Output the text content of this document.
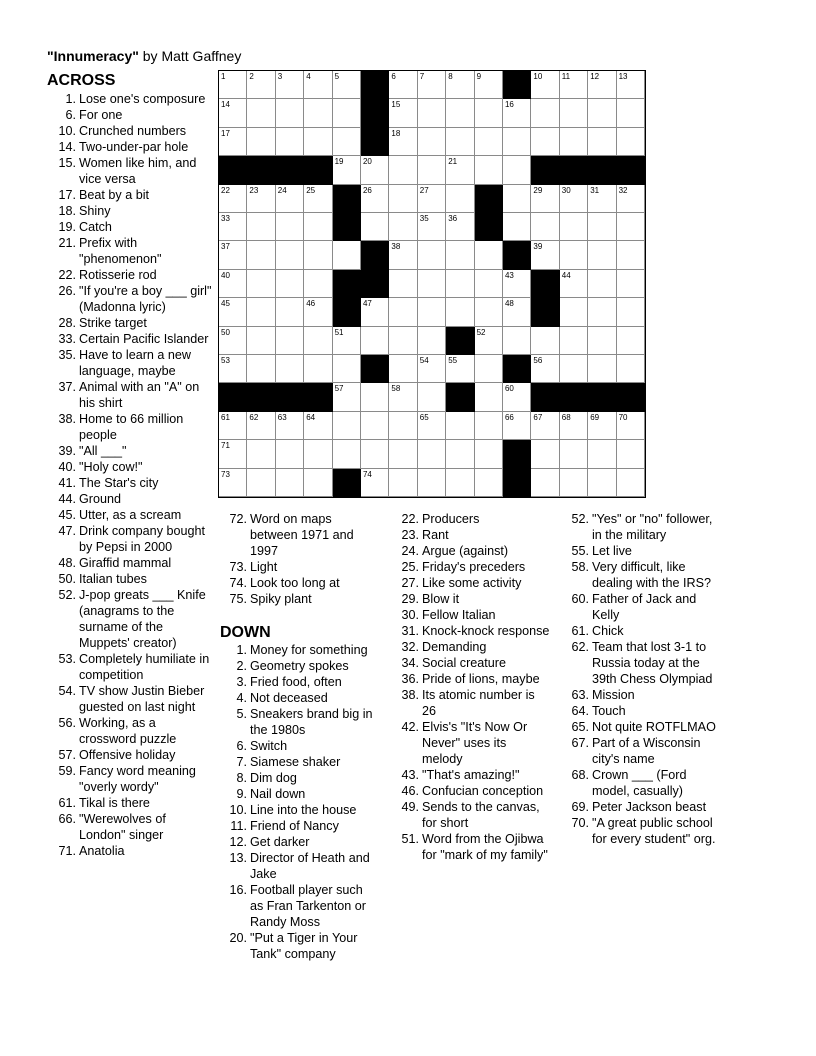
"Innumeracy" by Matt Gaffney
ACROSS	1	2	3	4	5	6	7	8	9	10 11	12 13
14	15	16
17	18
19 20	21
22 23 24 25	26	27	28	29 30 31 32
33	34	35 36
37	38	39
40	41 42	43	44
45	46	47	48 49
50	51	52
53	54 55	56
57	58	59	60
61 62 63 64	65	66 67 68 69 70
71	72
73	74	75
1. Lose one's composure
6. For one
10. Crunched numbers
14. Two-under-par hole
15. Women like him, and vice versa
17. Beat by a bit
18. Shiny
19. Catch
21. Prefix with "phenomenon"
22. Rotisserie rod
26. "If you're a boy ___ girl" (Madonna lyric)
28. Strike target
33. Certain Pacific Islander
35. Have to learn a new language, maybe
37. Animal with an "A" on his shirt
38. Home to 66 million people
39. "All ___"
40. "Holy cow!"
41. The Star's city
44. Ground
45. Utter, as a scream
47. Drink company bought by Pepsi in 2000
48. Giraffid mammal
50. Italian tubes
52. J-pop greats ___ Knife (anagrams to the surname of the Muppets' creator)
53. Completely humiliate in competition
54. TV show Justin Bieber guested on last night
56. Working, as a crossword puzzle
57. Offensive holiday
59. Fancy word meaning "overly wordy"
61. Tikal is there
66. "Werewolves of London" singer
71. Anatolia
72. Word on maps between 1971 and 1997
73. Light
74. Look too long at
75. Spiky plant
DOWN
1. Money for something
2. Geometry spokes
3. Fried food, often
4. Not deceased
5. Sneakers brand big in the 1980s
6. Switch
7. Siamese shaker
8. Dim dog
9. Nail down
10. Line into the house
11. Friend of Nancy
12. Get darker
13. Director of Heath and Jake
16. Football player such as Fran Tarkenton or Randy Moss
20. "Put a Tiger in Your Tank" company
22. Producers
23. Rant
24. Argue (against)
25. Friday's preceders
27. Like some activity
29. Blow it
30. Fellow Italian
31. Knock-knock response
32. Demanding
34. Social creature
36. Pride of lions, maybe
38. Its atomic number is 26
42. Elvis's "It's Now Or Never" uses its melody
43. "That's amazing!"
46. Confucian conception
49. Sends to the canvas, for short
51. Word from the Ojibwa for "mark of my family"
52. "Yes" or "no" follower, in the military
55. Let live
58. Very difficult, like dealing with the IRS?
60. Father of Jack and Kelly
61. Chick
62. Team that lost 3-1 to Russia today at the 39th Chess Olympiad
63. Mission
64. Touch
65. Not quite ROTFLMAO
67. Part of a Wisconsin city's name
68. Crown ___ (Ford model, casually)
69. Peter Jackson beast
70. "A great public school for every student" org.
